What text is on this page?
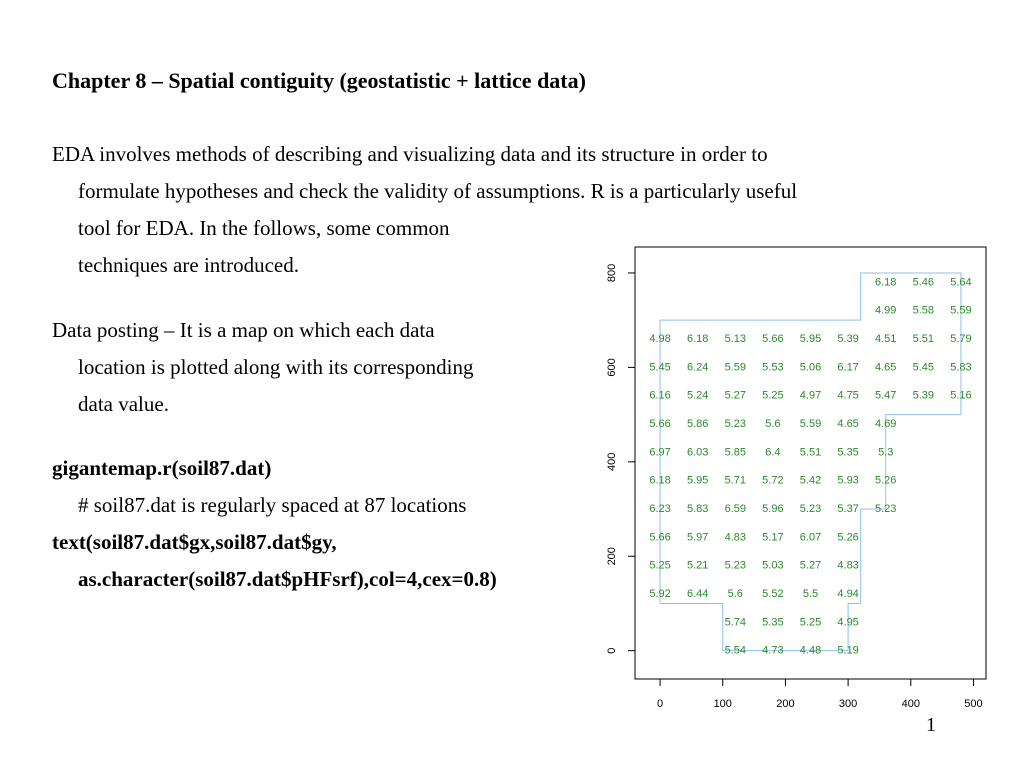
Chapter 8 – Spatial contiguity (geostatistic + lattice data)
EDA involves methods of describing and visualizing data and its structure in order to
formulate hypotheses and check the validity of assumptions. R is a particularly useful
tool for EDA. In the follows, some common
techniques are introduced.
Data posting – It is a map on which each data
location is plotted along with its corresponding
data value.
gigantemap.r(soil87.dat)
# soil87.dat is regularly spaced at 87 locations
text(soil87.dat$gx,soil87.dat$gy,
as.character(soil87.dat$pHFsrf),col=4,cex=0.8)
0	100	200	300	400	500
0
200
400
600
800
6.18 5.46 5.64
4.99 5.58 5.59
4.98 6.18 5.13 5.66 5.95 5.39 4.51 5.51 5.79
5.45 6.24 5.59 5.53 5.06 6.17 4.65 5.45 5.83
6.16 5.24 5.27 5.25 4.97 4.75 5.47 5.39 5.16
5.66 5.86 5.23 5.6 5.59 4.65 4.69
6.97 6.03 5.85 6.4 5.51 5.35 5.3
6.18 5.95 5.71 5.72 5.42 5.93 5.26
6.23 5.83 6.59 5.96 5.23 5.37 5.23
5.66 5.97 4.83 5.17 6.07 5.26
5.25 5.21 5.23 5.03 5.27 4.83
5.92 6.44 5.6 5.52 5.5 4.94
5.74 5.35 5.25 4.95
5.54 4.73 4.48 5.19
1
